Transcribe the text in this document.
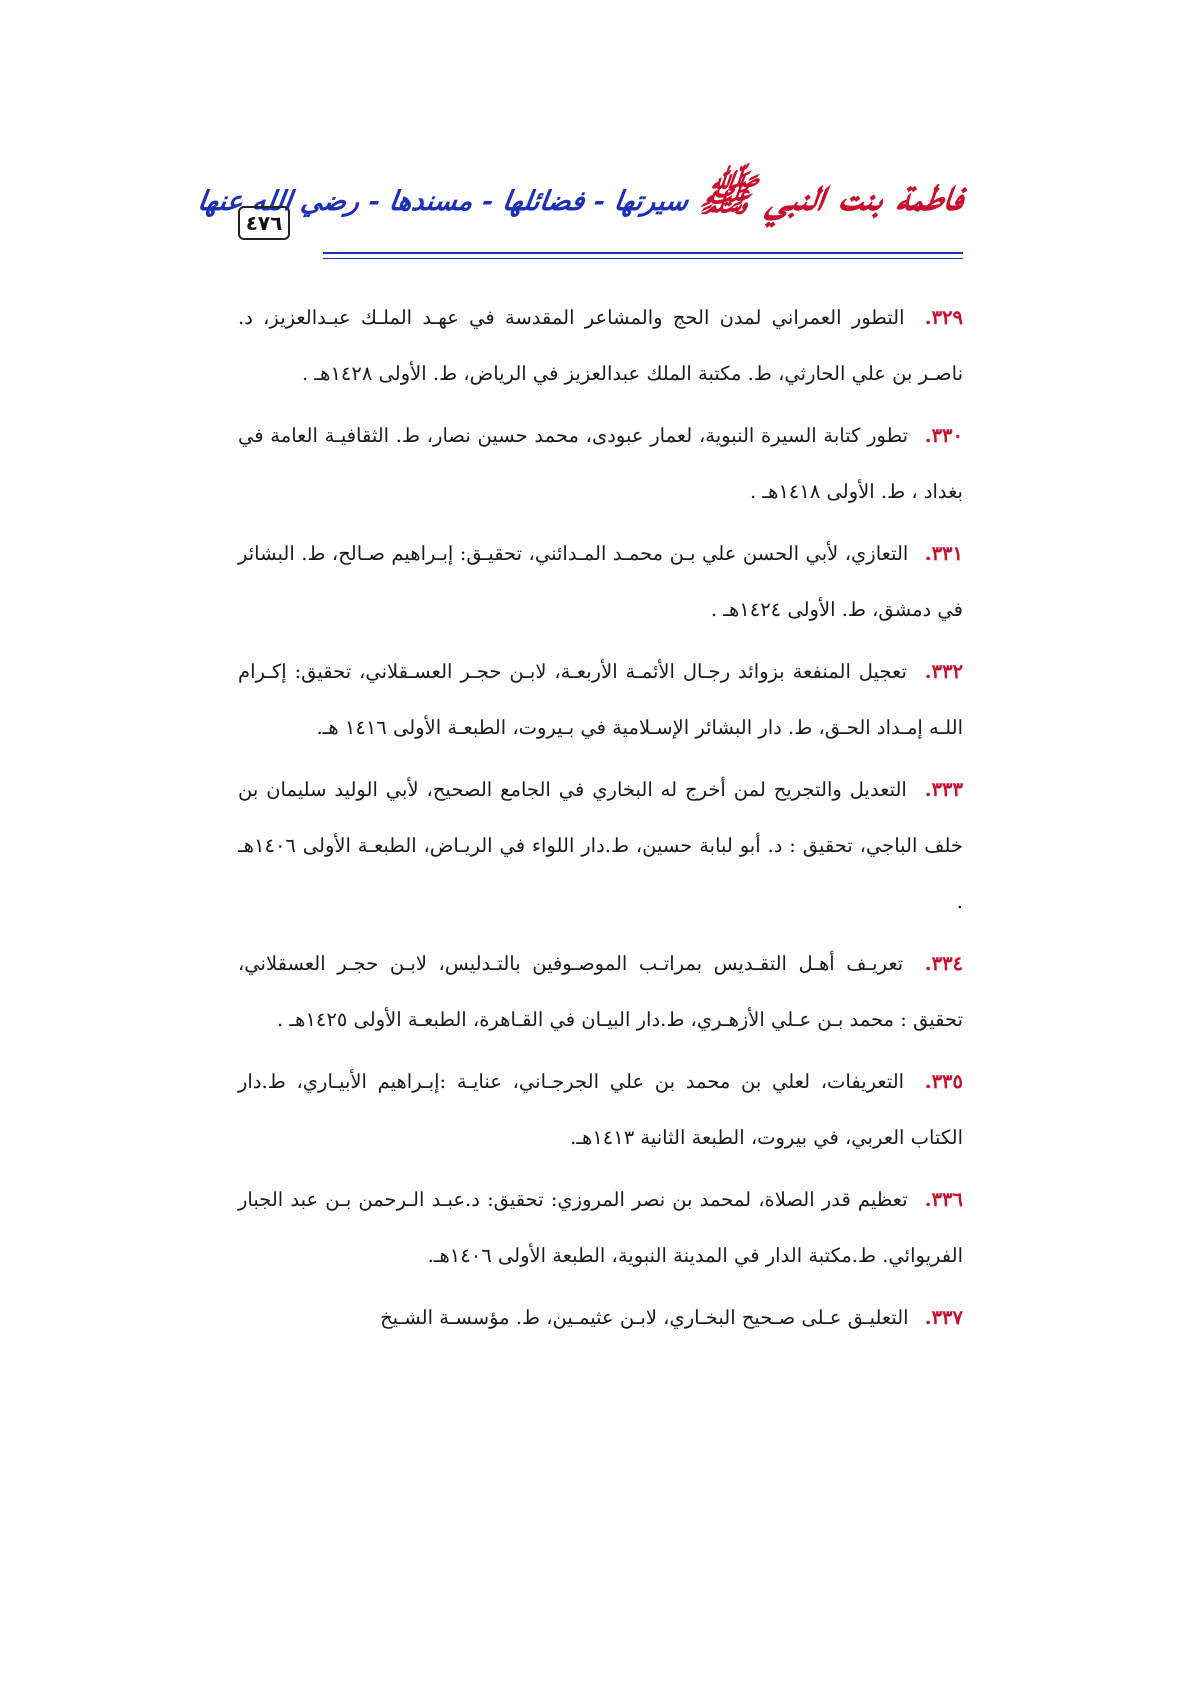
فاطمة بنت النبي ﷺ سيرتها - فضائلها - مسندها - رضي الله عنها
٤٧٦

٣٢٩. التطور العمراني لمدن الحج والمشاعر المقدسة في عهـد الملـك عبـدالعزيز، د. ناصـر بن علي الحارثي، ط. مكتبة الملك عبدالعزيز في الرياض، ط. الأولى ١٤٢٨هـ .

٣٣٠. تطور كتابة السيرة النبوية، لعمار عبودى، محمد حسين نصار، ط. الثقافيـة العامة في بغداد ، ط. الأولى ١٤١٨هـ .

٣٣١. التعازي، لأبي الحسن علي بـن محمـد المـدائني، تحقيـق: إبـراهيم صـالح، ط. البشائر في دمشق، ط. الأولى ١٤٢٤هـ .

٣٣٢. تعجيل المنفعة بزوائد رجـال الأئمـة الأربعـة، لابـن حجـر العسـقلاني، تحقيق: إكـرام اللـه إمـداد الحـق، ط. دار البشائر الإسـلامية في بـيروت، الطبعـة الأولى ١٤١٦ هـ.

٣٣٣. التعديل والتجريح لمن أخرج له البخاري في الجامع الصحيح، لأبي الوليد سليمان بن خلف الباجي، تحقيق : د. أبو لبابة حسين، ط.دار اللواء في الريـاض، الطبعـة الأولى ١٤٠٦هـ .

٣٣٤. تعريـف أهـل التقـديس بمراتـب الموصـوفين بالتـدليس، لابـن حجـر العسقلاني، تحقيق : محمد بـن عـلي الأزهـري، ط.دار البيـان في القـاهرة، الطبعـة الأولى ١٤٢٥هـ .

٣٣٥. التعريفات، لعلي بن محمد بن علي الجرجـاني، عنايـة :إبـراهيم الأبيـاري، ط.دار الكتاب العربي، في بيروت، الطبعة الثانية ١٤١٣هـ.

٣٣٦. تعظيم قدر الصلاة، لمحمد بن نصر المروزي: تحقيق: د.عبـد الـرحمن بـن عبد الجبار الفريوائي. ط.مكتبة الدار في المدينة النبوية، الطبعة الأولى ١٤٠٦هـ.

٣٣٧. التعليـق عـلى صـحيح البخـاري، لابـن عثيمـين، ط. مؤسسـة الشـيخ
